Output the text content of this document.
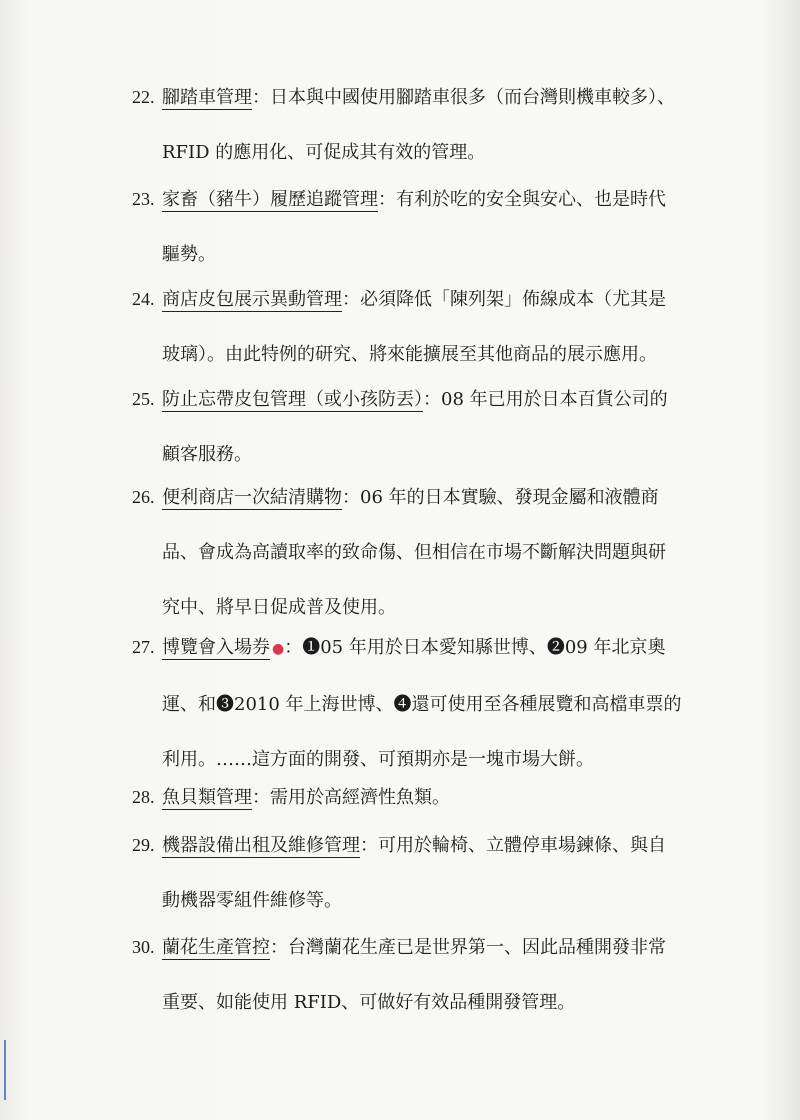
22. 腳踏車管理：日本與中國使用腳踏車很多（而台灣則機車較多）、
RFID 的應用化、可促成其有效的管理。
23. 家畜（豬牛）履歷追蹤管理：有利於吃的安全與安心、也是時代
驅勢。
24. 商店皮包展示異動管理：必須降低「陳列架」佈線成本（尤其是
玻璃）。由此特例的研究、將來能擴展至其他商品的展示應用。
25. 防止忘帶皮包管理（或小孩防丟）：08 年已用於日本百貨公司的
顧客服務。
26. 便利商店一次結清購物：06 年的日本實驗、發現金屬和液體商
品、會成為高讀取率的致命傷、但相信在市場不斷解決問題與研
究中、將早日促成普及使用。
27. 博覽會入場券 ●：❶05 年用於日本愛知縣世博、❷09 年北京奧
運、和❸2010 年上海世博、❹還可使用至各種展覽和高檔車票的
利用。……這方面的開發、可預期亦是一塊市場大餅。
28. 魚貝類管理：需用於高經濟性魚類。
29. 機器設備出租及維修管理：可用於輪椅、立體停車場鍊條、與自
動機器零組件維修等。
30. 蘭花生產管控：台灣蘭花生產已是世界第一、因此品種開發非常
重要、如能使用 RFID、可做好有效品種開發管理。
